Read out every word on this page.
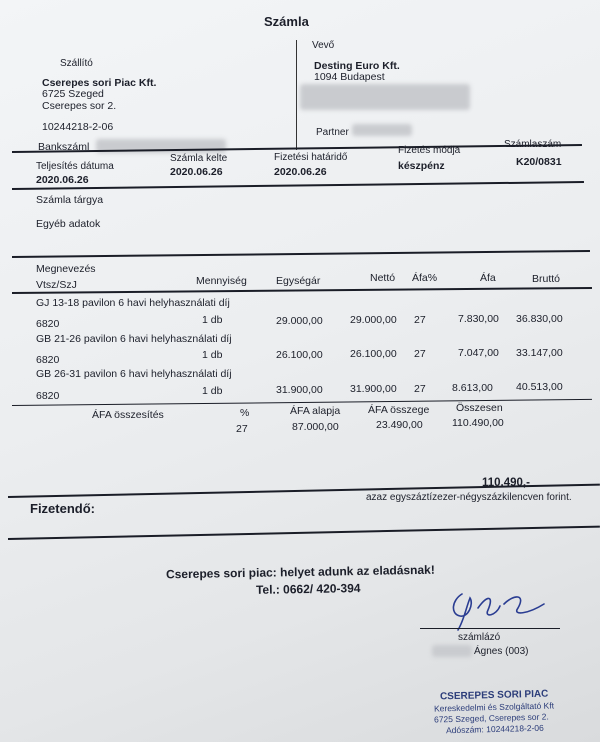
Számla
Szállító
Cserepes sori Piac Kft.
6725 Szeged
Cserepes sor 2.
10244218-2-06
Bankszáml
Vevő
Desting Euro Kft.
1094 Budapest
Partner
Teljesítés dátuma
2020.06.26
Számla kelte
2020.06.26
Fizetési határidő
2020.06.26
Fizetés módja
készpénz
Számlaszám
K20/0831
Számla tárgya
Egyéb adatok
Megnevezés
Vtsz/SzJ	Mennyiség	Egységár	Nettó Áfa%	Áfa	Bruttó
GJ 13-18 pavilon 6 havi helyhasználati díj
6820	1 db	29.000,00	29.000,00 27	7.830,00 36.830,00
GB 21-26 pavilon 6 havi helyhasználati díj
6820	1 db	26.100,00	26.100,00 27	7.047,00 33.147,00
GB 26-31 pavilon 6 havi helyhasználati díj
6820	1 db	31.900,00	31.900,00 27	8.613,00 40.513,00
ÁFA összesítés	%	ÁFA alapja	ÁFA összege	Összesen
27	87.000,00	23.490,00	110.490,00
110.490,-
Fizetendő:
azaz egyszáztízezer-négyszázkilencven forint.
Cserepes sori piac: helyet adunk az eladásnak!
Tel.: 0662/ 420-394
számlázó
Ágnes (003)
CSEREPES SORI PIAC
Kereskedelmi és Szolgáltató Kft
6725 Szeged, Cserepes sor 2.
Adószám: 10244218-2-06
